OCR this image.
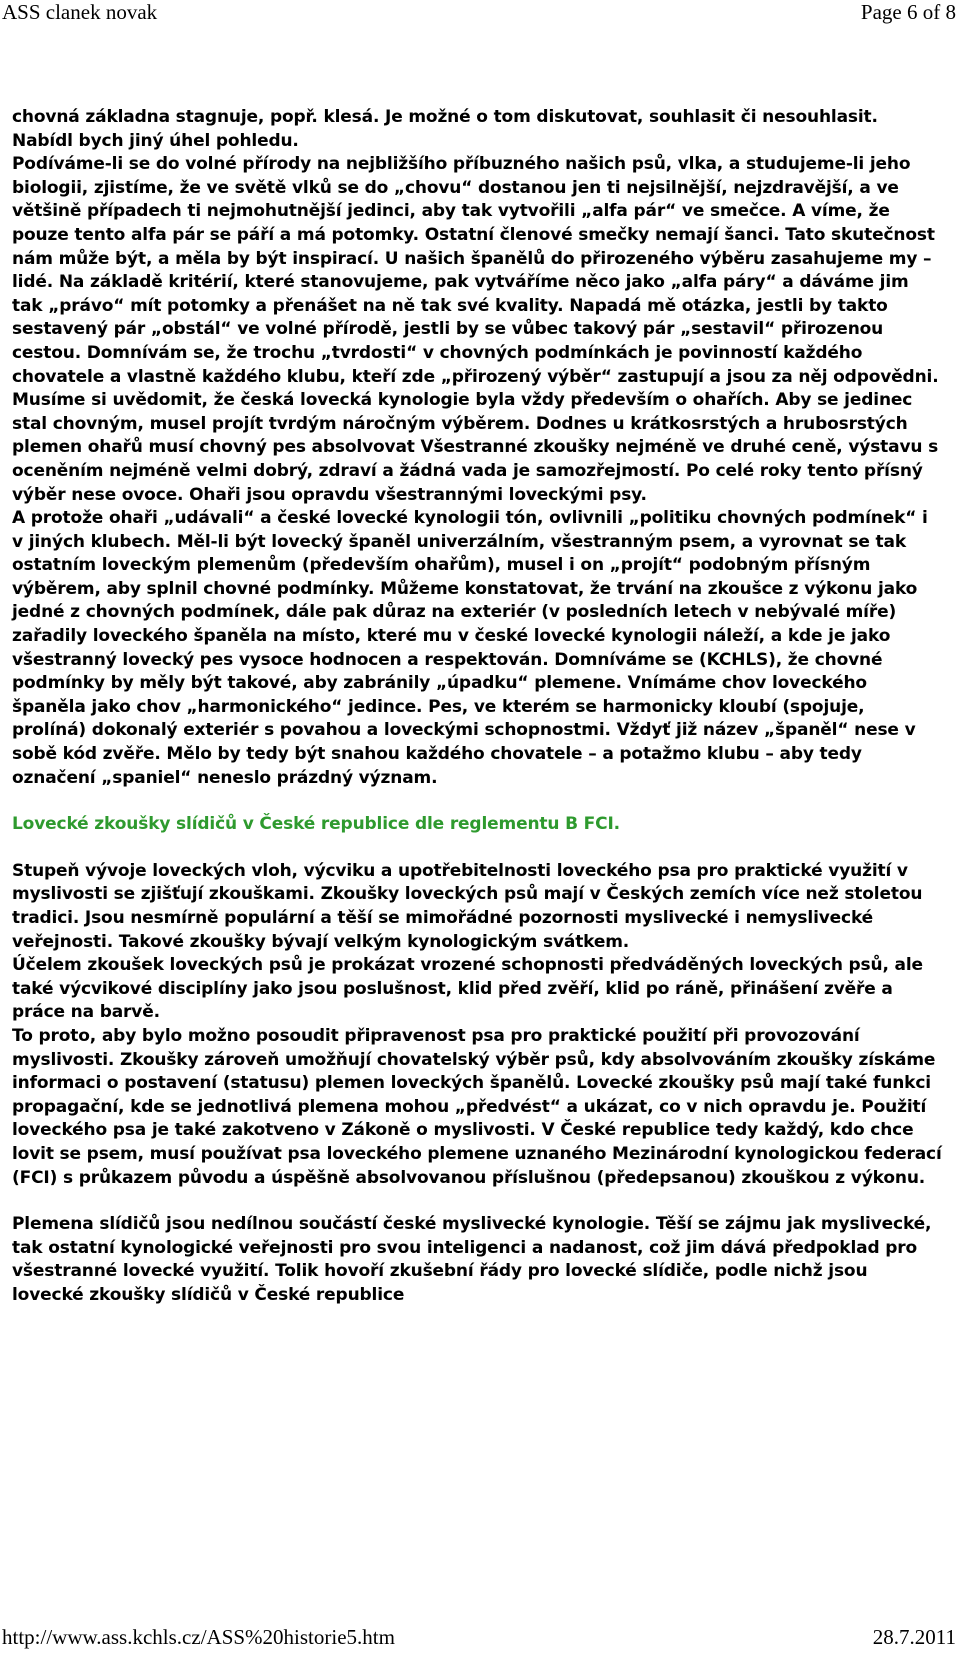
ASS clanek novak	Page 6 of 8

chovná základna stagnuje, popř. klesá. Je možné o tom diskutovat, souhlasit či nesouhlasit.

Nabídl bych jiný úhel pohledu.

Podíváme-li se do volné přírody na nejbližšího příbuzného našich psů, vlka, a studujeme-li jeho biologii, zjistíme, že ve světě vlků se do „chovu“ dostanou jen ti nejsilnější, nejzdravější, a ve většině případech ti nejmohutnější jedinci, aby tak vytvořili „alfa pár“ ve smečce. A víme, že pouze tento alfa pár se páří a má potomky. Ostatní členové smečky nemají šanci. Tato skutečnost nám může být, a měla by být inspirací. U našich španělů do přirozeného výběru zasahujeme my – lidé. Na základě kritérií, které stanovujeme, pak vytváříme něco jako „alfa páry“ a dáváme jim tak „právo“ mít potomky a přenášet na ně tak své kvality. Napadá mě otázka, jestli by takto sestavený pár „obstál“ ve volné přírodě, jestli by se vůbec takový pár „sestavil“ přirozenou cestou. Domnívám se, že trochu „tvrdosti“ v chovných podmínkách je povinností každého chovatele a vlastně každého klubu, kteří zde „přirozený výběr“ zastupují a jsou za něj odpovědni.

Musíme si uvědomit, že česká lovecká kynologie byla vždy především o ohařích. Aby se jedinec stal chovným, musel projít tvrdým náročným výběrem. Dodnes u krátkosrstých a hrubosrstých plemen ohařů musí chovný pes absolvovat Všestranné zkoušky nejméně ve druhé ceně, výstavu s oceněním nejméně velmi dobrý, zdraví a žádná vada je samozřejmostí. Po celé roky tento přísný výběr nese ovoce. Ohaři jsou opravdu všestrannými loveckými psy.

A protože ohaři „udávali“ a české lovecké kynologii tón, ovlivnili „politiku chovných podmínek“ i v jiných klubech. Měl-li být lovecký španěl univerzálním, všestranným psem, a vyrovnat se tak ostatním loveckým plemenům (především ohařům), musel i on „projít“ podobným přísným výběrem, aby splnil chovné podmínky. Můžeme konstatovat, že trvání na zkoušce z výkonu jako jedné z chovných podmínek, dále pak důraz na exteriér (v posledních letech v nebývalé míře) zařadily loveckého španěla na místo, které mu v české lovecké kynologii náleží, a kde je jako všestranný lovecký pes vysoce hodnocen a respektován. Domníváme se (KCHLS), že chovné podmínky by měly být takové, aby zabránily „úpadku“ plemene. Vnímáme chov loveckého španěla jako chov „harmonického“ jedince. Pes, ve kterém se harmonicky kloubí (spojuje, prolíná) dokonalý exteriér s povahou a loveckými schopnostmi. Vždyť již název „španěl“ nese v sobě kód zvěře. Mělo by tedy být snahou každého chovatele – a potažmo klubu – aby tedy označení „spaniel“ neneslo prázdný význam.

Lovecké zkoušky slídičů v České republice dle reglementu B FCI.

Stupeň vývoje loveckých vloh, výcviku a upotřebitelnosti loveckého psa pro praktické využití v myslivosti se zjišťují zkouškami. Zkoušky loveckých psů mají v Českých zemích více než stoletou tradici. Jsou nesmírně populární a těší se mimořádné pozornosti myslivecké i nemyslivecké veřejnosti. Takové zkoušky bývají velkým kynologickým svátkem.

Účelem zkoušek loveckých psů je prokázat vrozené schopnosti předváděných loveckých psů, ale také výcvikové disciplíny jako jsou poslušnost, klid před zvěří, klid po ráně, přinášení zvěře a práce na barvě.

To proto, aby bylo možno posoudit připravenost psa pro praktické použití při provozování myslivosti. Zkoušky zároveň umožňují chovatelský výběr psů, kdy absolvováním zkoušky získáme informaci o postavení (statusu) plemen loveckých španělů. Lovecké zkoušky psů mají také funkci propagační, kde se jednotlivá plemena mohou „předvést“ a ukázat, co v nich opravdu je. Použití loveckého psa je také zakotveno v Zákoně o myslivosti. V České republice tedy každý, kdo chce lovit se psem, musí používat psa loveckého plemene uznaného Mezinárodní kynologickou federací (FCI) s průkazem původu a úspěšně absolvovanou příslušnou (předepsanou) zkouškou z výkonu.

Plemena slídičů jsou nedílnou součástí české myslivecké kynologie. Těší se zájmu jak myslivecké, tak ostatní kynologické veřejnosti pro svou inteligenci a nadanost, což jim dává předpoklad pro všestranné lovecké využití. Tolik hovoří zkušební řády pro lovecké slídiče, podle nichž jsou lovecké zkoušky slídičů v České republice

http://www.ass.kchls.cz/ASS%20historie5.htm	28.7.2011
